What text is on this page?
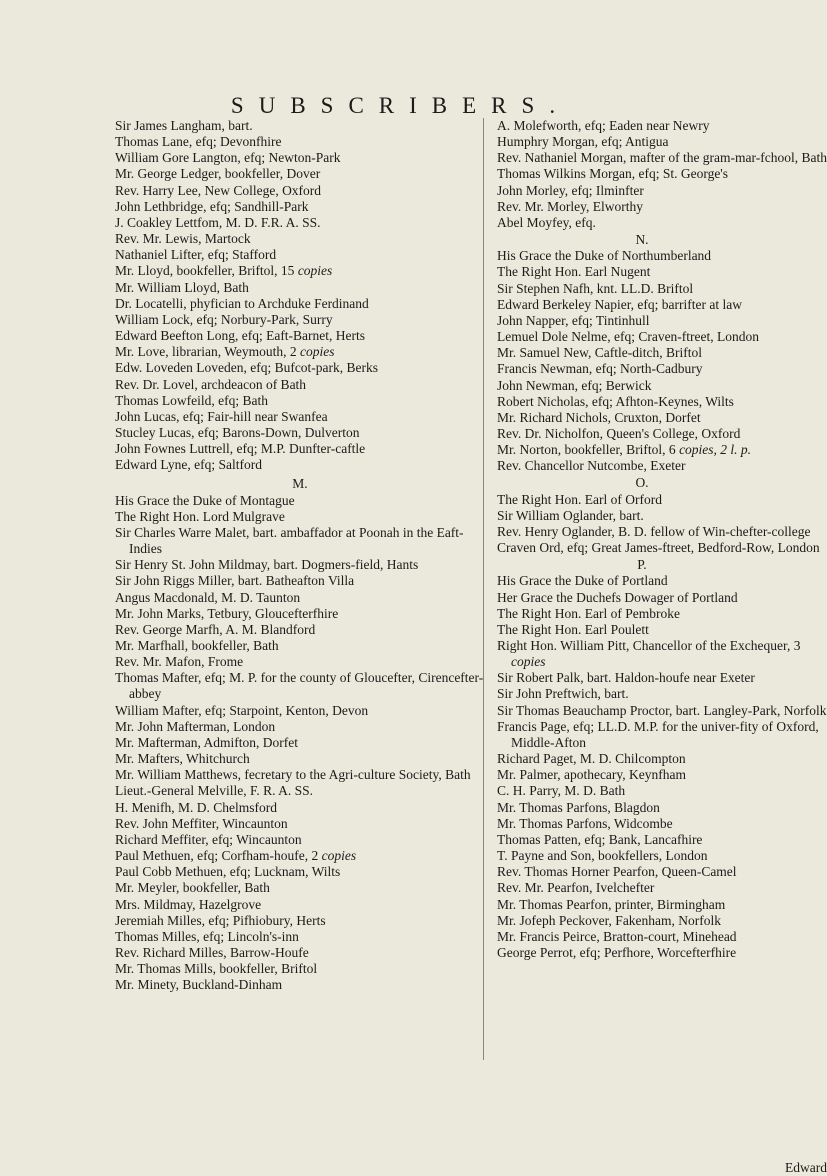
SUBSCRIBERS.
Sir James Langham, bart.
Thomas Lane, efq; Devonfhire
William Gore Langton, efq; Newton-Park
Mr. George Ledger, bookfeller, Dover
Rev. Harry Lee, New College, Oxford
John Lethbridge, efq; Sandhill-Park
J. Coakley Lettfom, M. D. F.R. A. SS.
Rev. Mr. Lewis, Martock
Nathaniel Lifter, efq; Stafford
Mr. Lloyd, bookfeller, Briftol, 15 copies
Mr. William Lloyd, Bath
Dr. Locatelli, phyfician to Archduke Ferdinand
William Lock, efq; Norbury-Park, Surry
Edward Beefton Long, efq; Eaft-Barnet, Herts
Mr. Love, librarian, Weymouth, 2 copies
Edw. Loveden Loveden, efq; Bufcot-park, Berks
Rev. Dr. Lovel, archdeacon of Bath
Thomas Lowfeild, efq; Bath
John Lucas, efq; Fair-hill near Swanfea
Stucley Lucas, efq; Barons-Down, Dulverton
John Fownes Luttrell, efq; M.P. Dunfter-caftle
Edward Lyne, efq; Saltford
M.
His Grace the Duke of Montague
The Right Hon. Lord Mulgrave
Sir Charles Warre Malet, bart. ambaffador at Poonah in the Eaft-Indies
Sir Henry St. John Mildmay, bart. Dogmers-field, Hants
Sir John Riggs Miller, bart. Batheafton Villa
Angus Macdonald, M. D. Taunton
Mr. John Marks, Tetbury, Gloucefterfhire
Rev. George Marfh, A. M. Blandford
Mr. Marfhall, bookfeller, Bath
Rev. Mr. Mafon, Frome
Thomas Mafter, efq; M. P. for the county of Gloucefter, Cirencefter-abbey
William Mafter, efq; Starpoint, Kenton, Devon
Mr. John Mafterman, London
Mr. Mafterman, Admifton, Dorfet
Mr. Mafters, Whitchurch
Mr. William Matthews, fecretary to the Agri-culture Society, Bath
Lieut.-General Melville, F. R. A. SS.
H. Menifh, M. D. Chelmsford
Rev. John Meffiter, Wincaunton
Richard Meffiter, efq; Wincaunton
Paul Methuen, efq; Corfham-houfe, 2 copies
Paul Cobb Methuen, efq; Lucknam, Wilts
Mr. Meyler, bookfeller, Bath
Mrs. Mildmay, Hazelgrove
Jeremiah Milles, efq; Pifhiobury, Herts
Thomas Milles, efq; Lincoln's-inn
Rev. Richard Milles, Barrow-Houfe
Mr. Thomas Mills, bookfeller, Briftol
Mr. Minety, Buckland-Dinham
A. Molefworth, efq; Eaden near Newry
Humphry Morgan, efq; Antigua
Rev. Nathaniel Morgan, mafter of the gram-mar-fchool, Bath
Thomas Wilkins Morgan, efq; St. George's
John Morley, efq; Ilminfter
Rev. Mr. Morley, Elworthy
Abel Moyfey, efq.
N.
His Grace the Duke of Northumberland
The Right Hon. Earl Nugent
Sir Stephen Nafh, knt. LL.D. Briftol
Edward Berkeley Napier, efq; barrifter at law
John Napper, efq; Tintinhull
Lemuel Dole Nelme, efq; Craven-ftreet, London
Mr. Samuel New, Caftle-ditch, Briftol
Francis Newman, efq; North-Cadbury
John Newman, efq; Berwick
Robert Nicholas, efq; Afhton-Keynes, Wilts
Mr. Richard Nichols, Cruxton, Dorfet
Rev. Dr. Nicholfon, Queen's College, Oxford
Mr. Norton, bookfeller, Briftol, 6 copies, 2 l. p.
Rev. Chancellor Nutcombe, Exeter
O.
The Right Hon. Earl of Orford
Sir William Oglander, bart.
Rev. Henry Oglander, B. D. fellow of Win-chefter-college
Craven Ord, efq; Great James-ftreet, Bedford-Row, London
P.
His Grace the Duke of Portland
Her Grace the Duchefs Dowager of Portland
The Right Hon. Earl of Pembroke
The Right Hon. Earl Poulett
Right Hon. William Pitt, Chancellor of the Exchequer, 3 copies
Sir Robert Palk, bart. Haldon-houfe near Exeter
Sir John Preftwich, bart.
Sir Thomas Beauchamp Proctor, bart. Langley-Park, Norfolk
Francis Page, efq; LL.D. M.P. for the univer-fity of Oxford, Middle-Afton
Richard Paget, M. D. Chilcompton
Mr. Palmer, apothecary, Keynfham
C. H. Parry, M. D. Bath
Mr. Thomas Parfons, Blagdon
Mr. Thomas Parfons, Widcombe
Thomas Patten, efq; Bank, Lancafhire
T. Payne and Son, bookfellers, London
Rev. Thomas Horner Pearfon, Queen-Camel
Rev. Mr. Pearfon, Ivelchefter
Mr. Thomas Pearfon, printer, Birmingham
Mr. Jofeph Peckover, Fakenham, Norfolk
Mr. Francis Peirce, Bratton-court, Minehead
George Perrot, efq; Perfhore, Worcefterfhire
Edward
